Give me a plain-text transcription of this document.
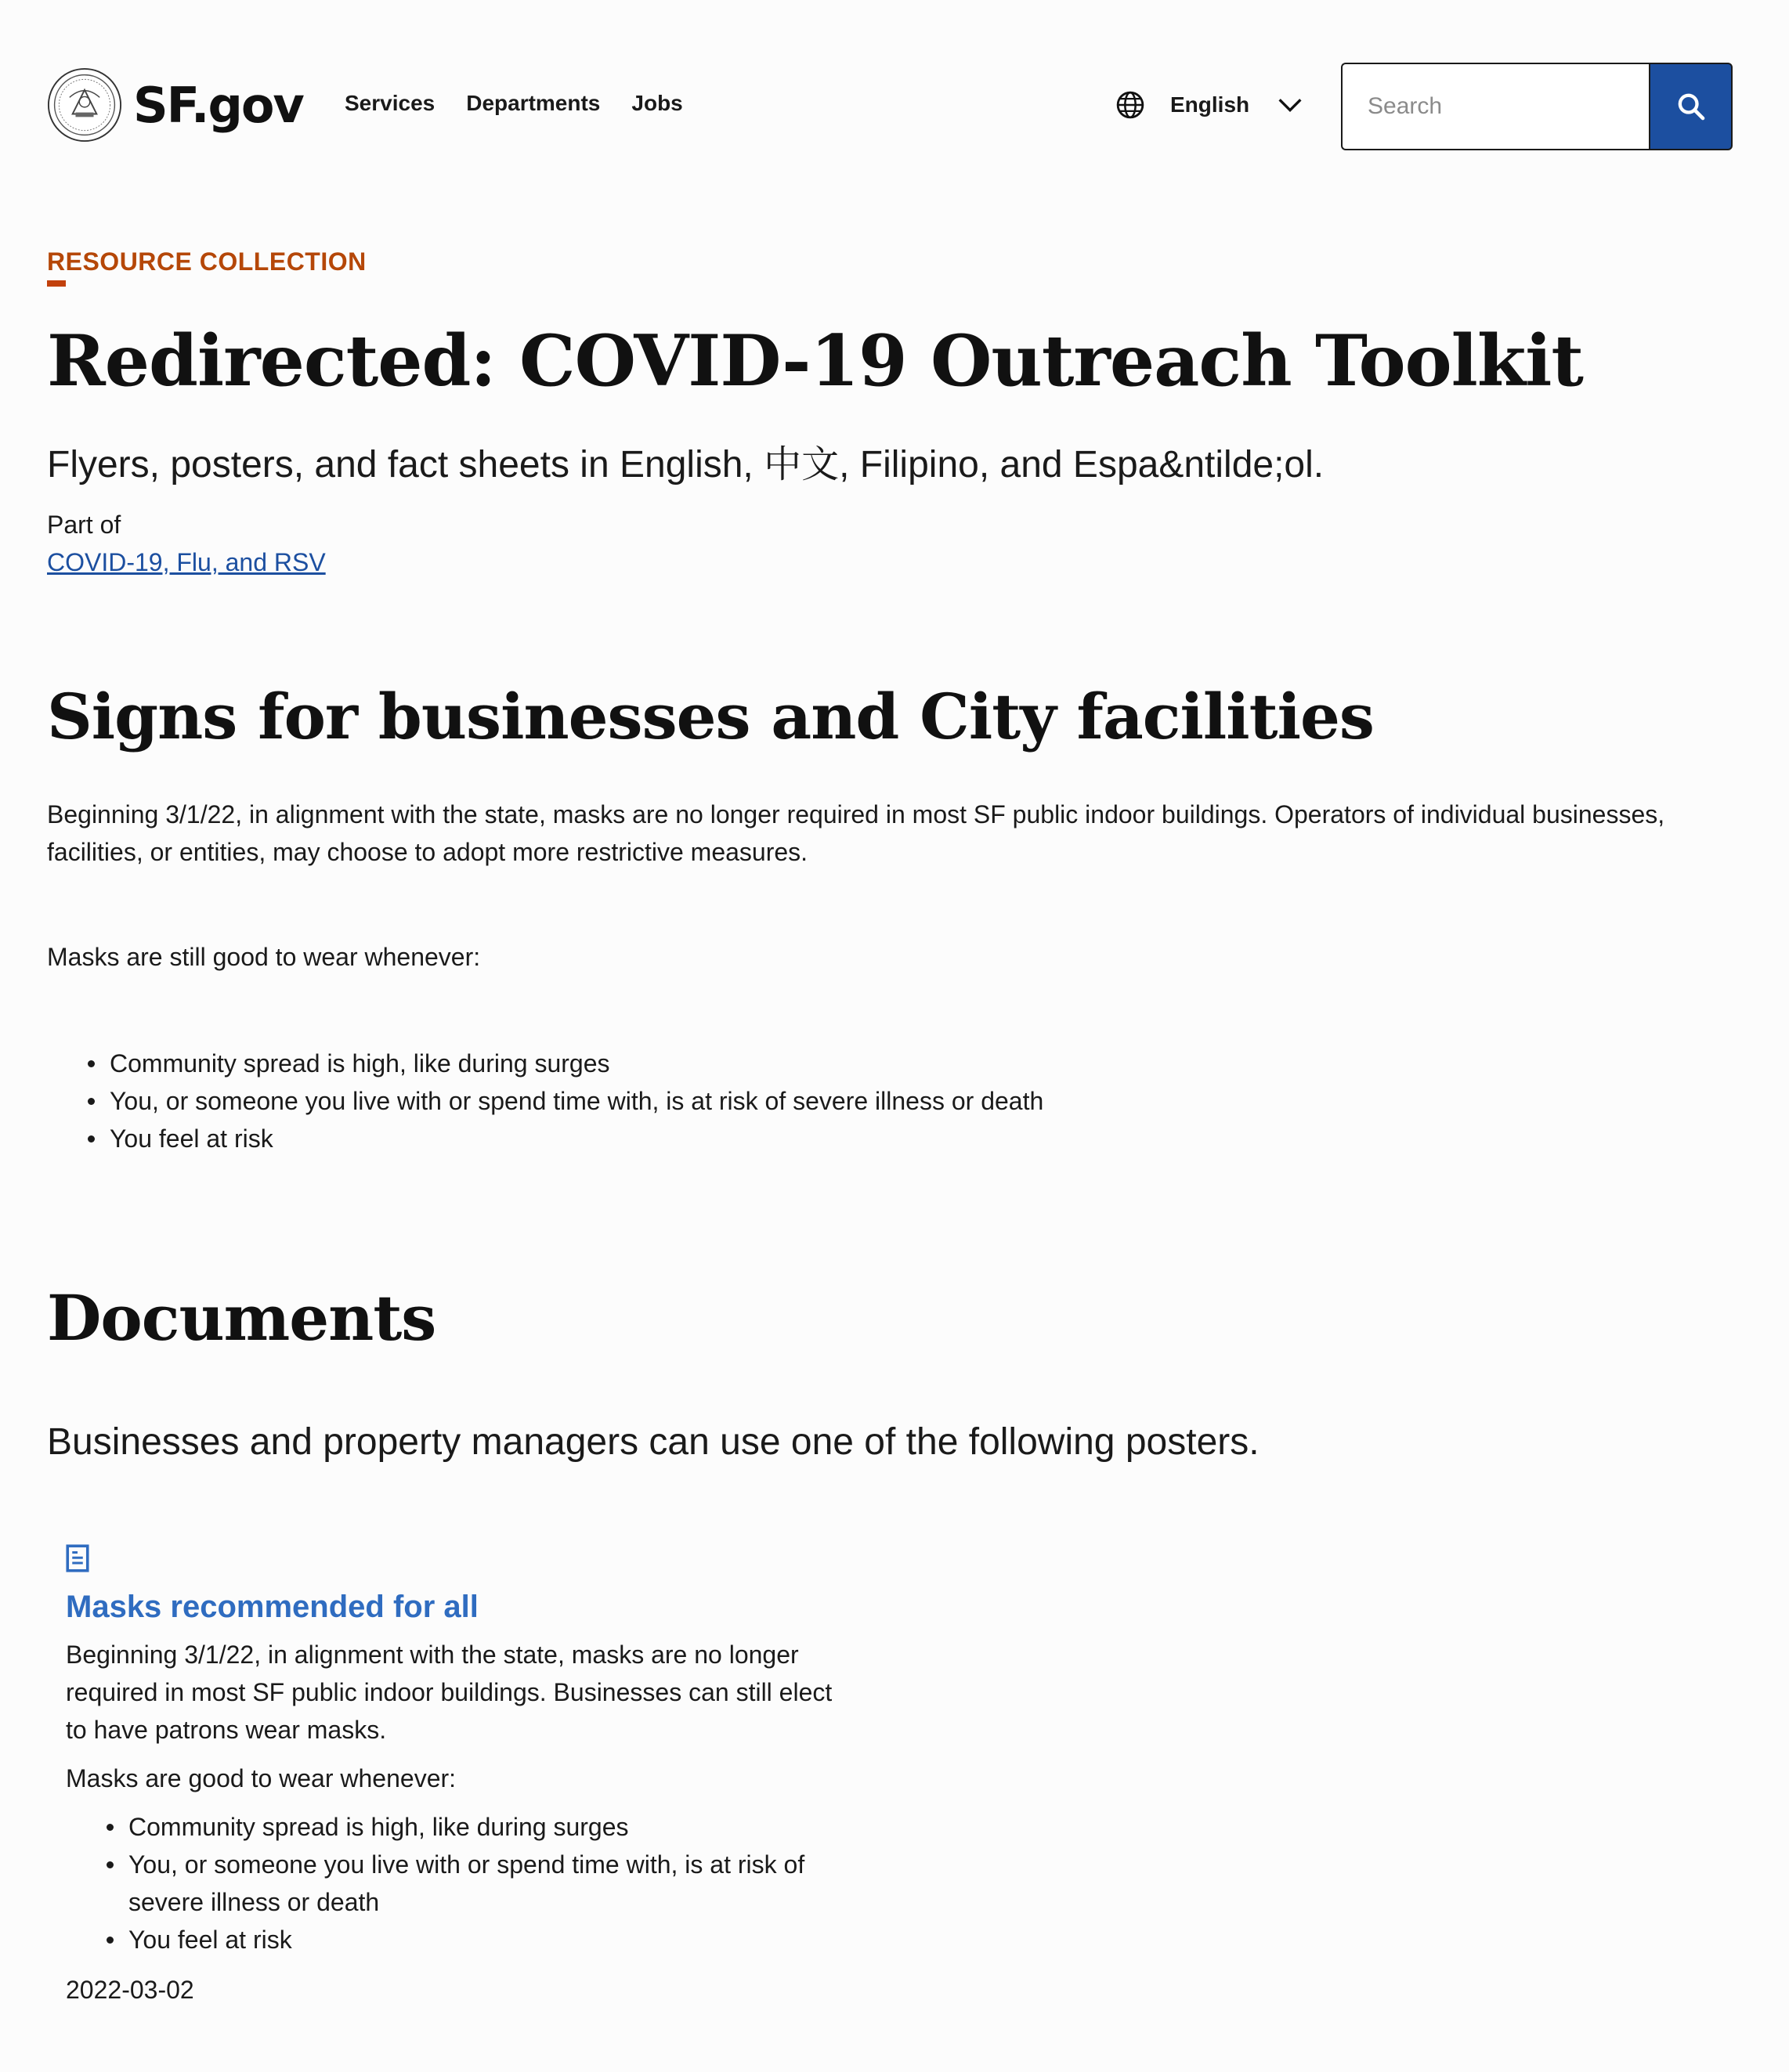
SF.gov Services Departments Jobs	English
Search
RESOURCE COLLECTION
Redirected: COVID-19 Outreach Toolkit

Flyers, posters, and fact sheets in English, 中文, Filipino, and Espa&ntilde;ol.

Part of
COVID-19, Flu, and RSV
Signs for businesses and City facilities

Beginning 3/1/22, in alignment with the state, masks are no longer required in most SF public indoor buildings. Operators of individual businesses, facilities, or entities, may choose to adopt more restrictive measures.

Masks are still good to wear whenever:

Community spread is high, like during surges
You, or someone you live with or spend time with, is at risk of severe illness or death
You feel at risk
Documents

Businesses and property managers can use one of the following posters.

Masks recommended for all

Beginning 3/1/22, in alignment with the state, masks are no longer required in most SF public indoor buildings. Businesses can still elect to have patrons wear masks.

Masks are good to wear whenever:

Community spread is high, like during surges
You, or someone you live with or spend time with, is at risk of severe illness or death
You feel at risk

2022-03-02
